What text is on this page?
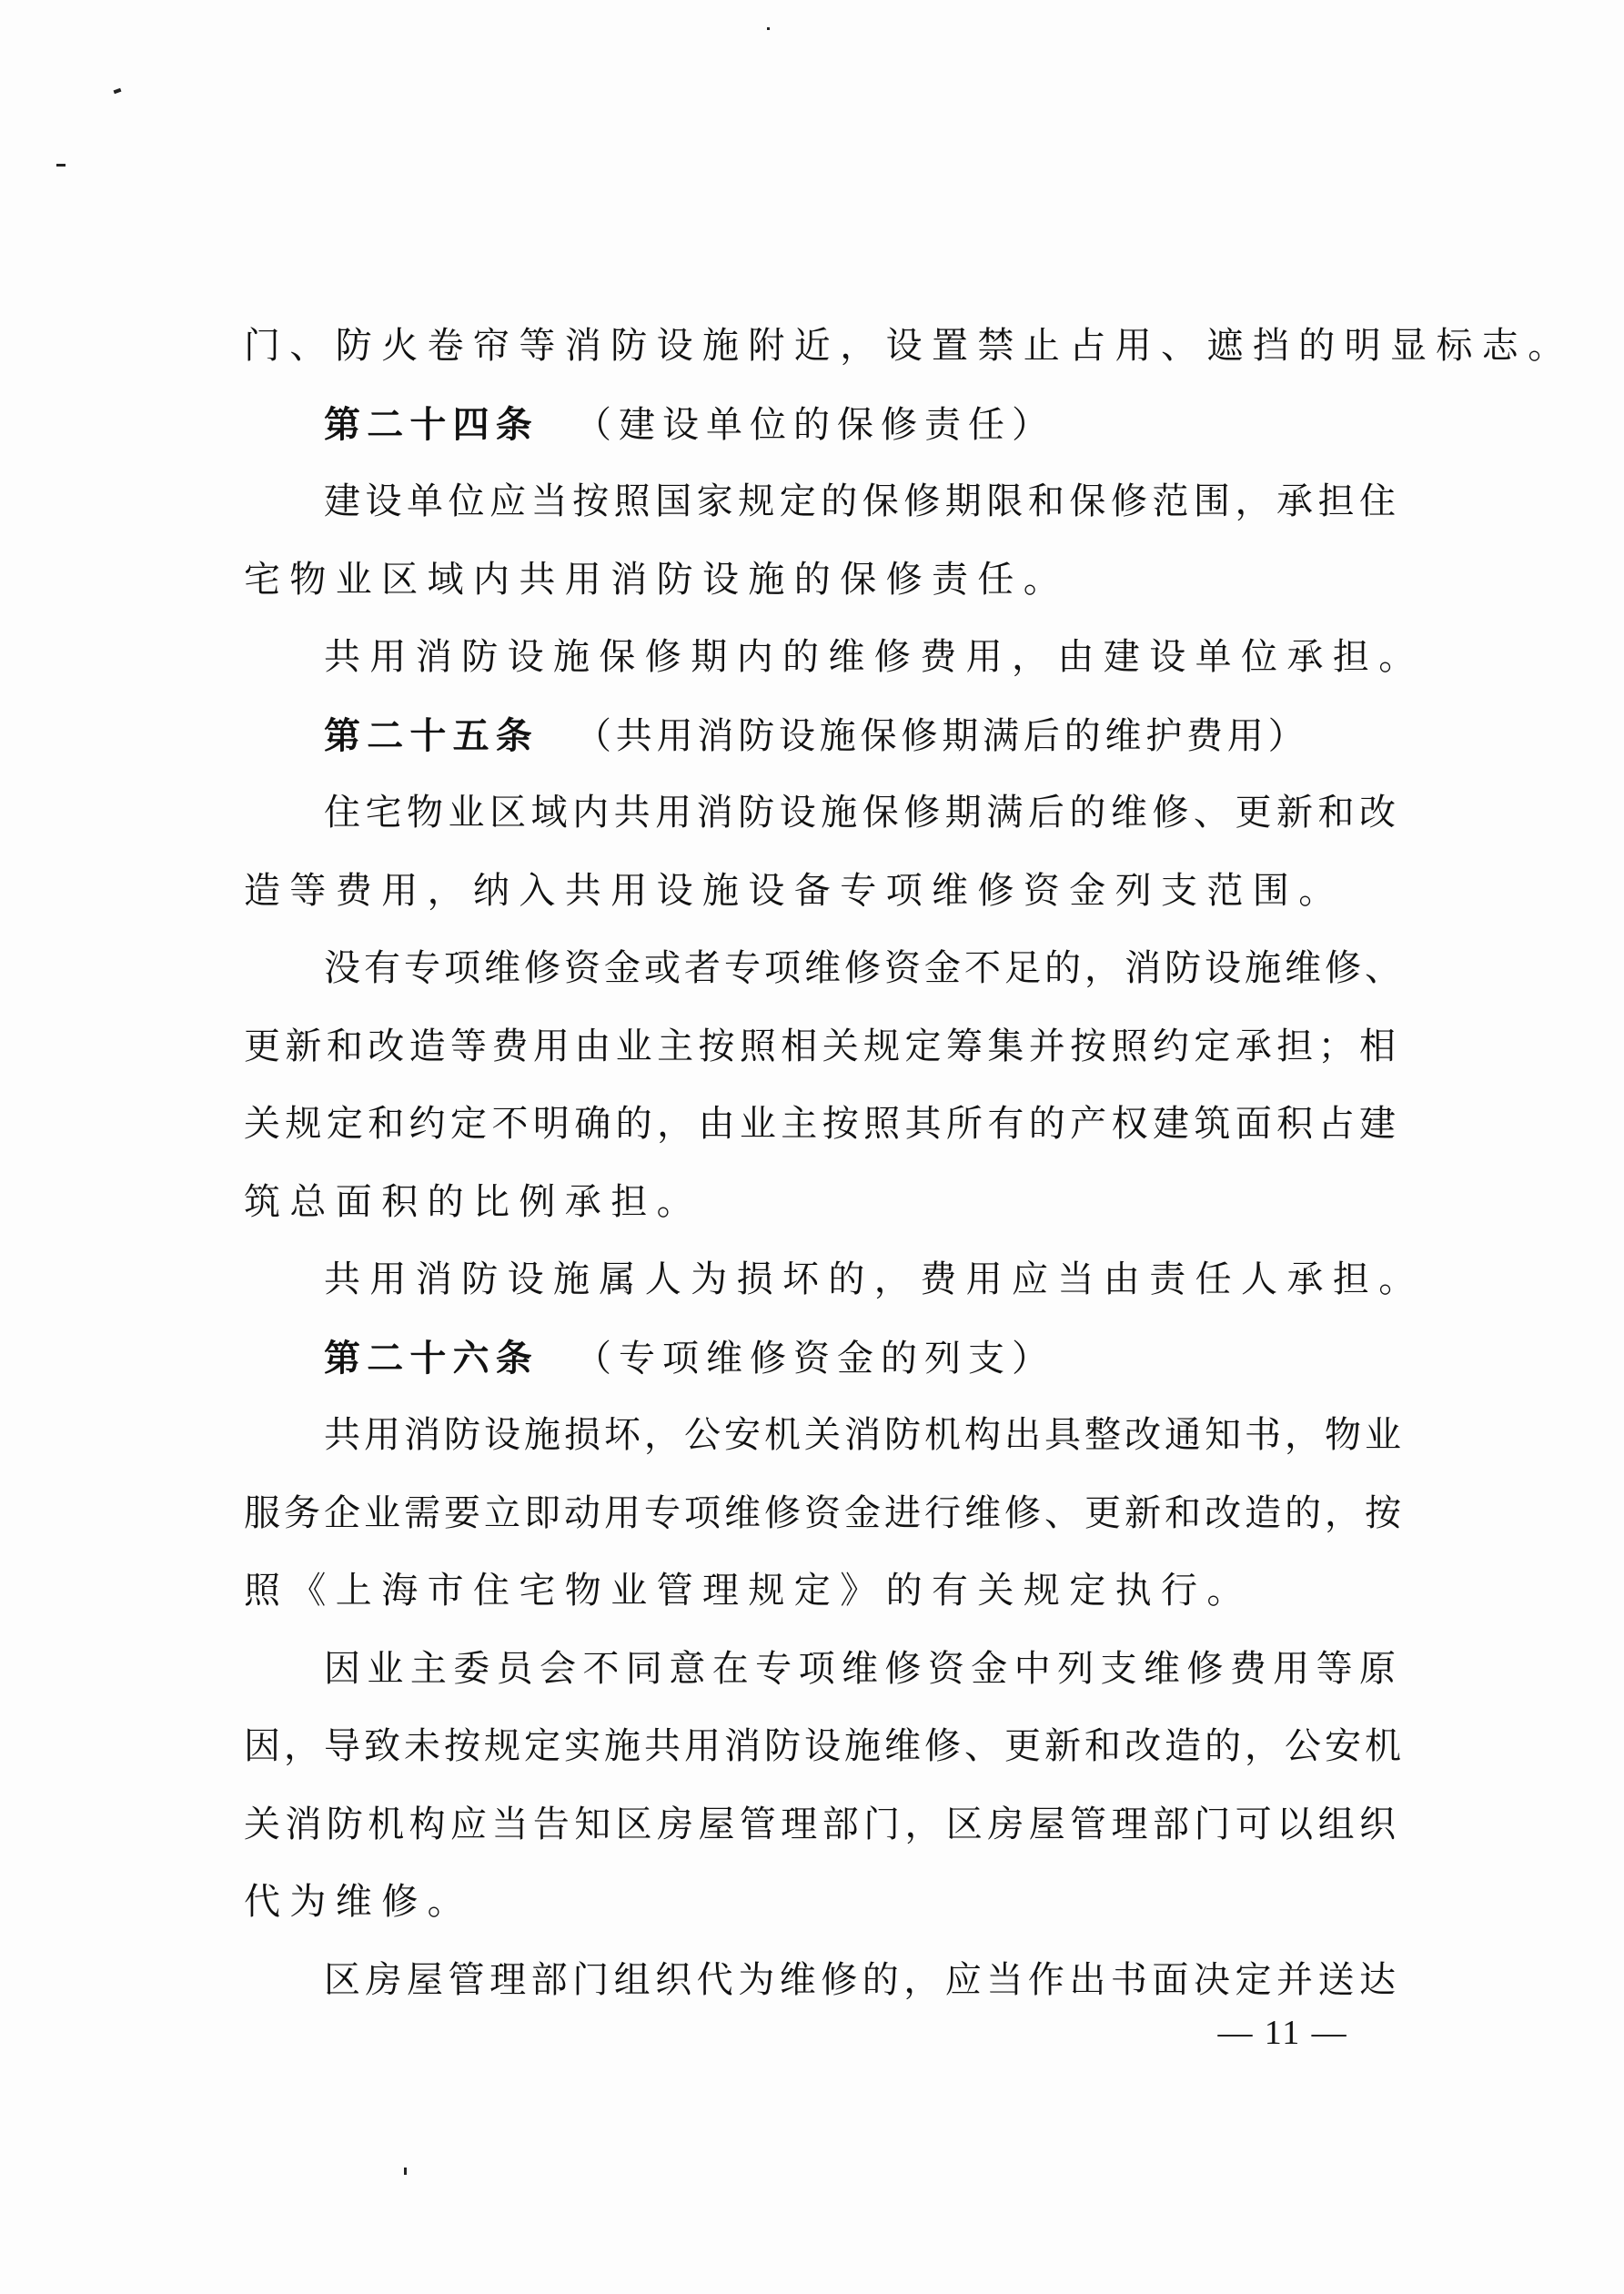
门、防火卷帘等消防设施附近，设置禁止占用、遮挡的明显标志。
第二十四条 （建设单位的保修责任）
建设单位应当按照国家规定的保修期限和保修范围，承担住
宅物业区域内共用消防设施的保修责任。
共用消防设施保修期内的维修费用，由建设单位承担。
第二十五条 （共用消防设施保修期满后的维护费用）
住宅物业区域内共用消防设施保修期满后的维修、更新和改
造等费用，纳入共用设施设备专项维修资金列支范围。
没有专项维修资金或者专项维修资金不足的，消防设施维修、
更新和改造等费用由业主按照相关规定筹集并按照约定承担；相
关规定和约定不明确的，由业主按照其所有的产权建筑面积占建
筑总面积的比例承担。
共用消防设施属人为损坏的，费用应当由责任人承担。
第二十六条 （专项维修资金的列支）
共用消防设施损坏，公安机关消防机构出具整改通知书，物业
服务企业需要立即动用专项维修资金进行维修、更新和改造的，按
照《上海市住宅物业管理规定》的有关规定执行。
因业主委员会不同意在专项维修资金中列支维修费用等原
因，导致未按规定实施共用消防设施维修、更新和改造的，公安机
关消防机构应当告知区房屋管理部门，区房屋管理部门可以组织
代为维修。
区房屋管理部门组织代为维修的，应当作出书面决定并送达
— 11 —
